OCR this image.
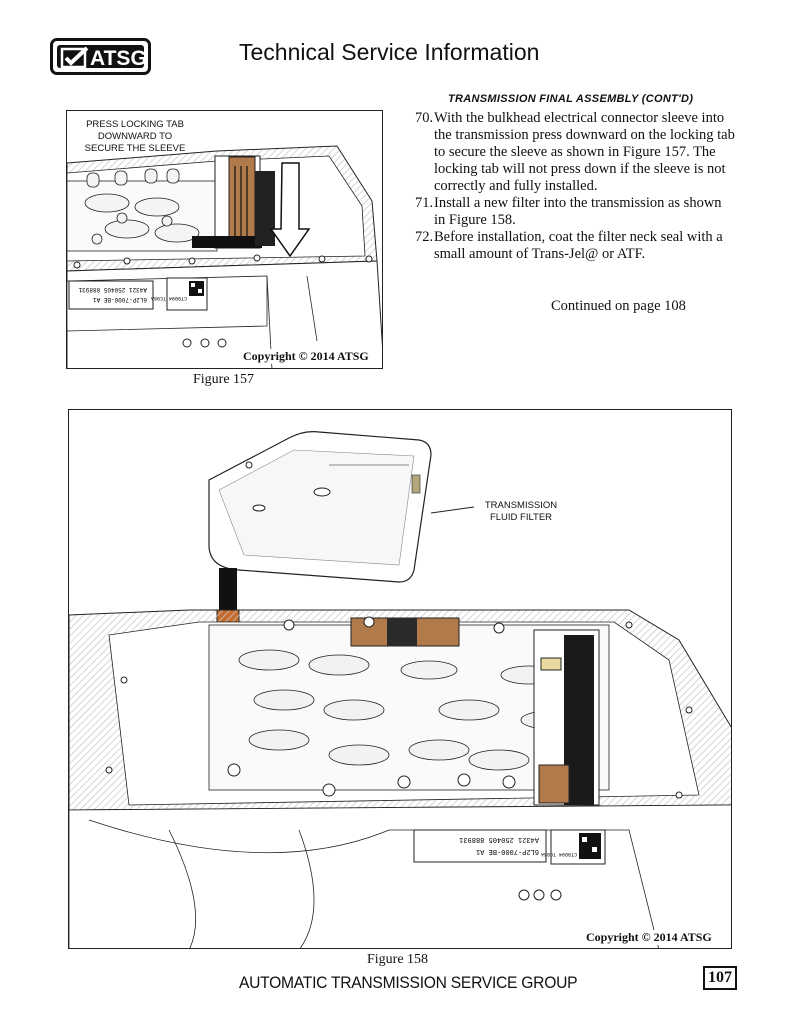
ATSG	Technical Service Information
6L2P-7000-BE A1
A4321 250405 888931
CT0094 TC06A
PRESS LOCKING TAB
DOWNWARD TO
SECURE THE SLEEVE
Copyright © 2014 ATSG
Figure 157
TRANSMISSION FINAL ASSEMBLY (CONT'D)

70. With the bulkhead electrical connector sleeve into the transmission press downward on the locking tab to secure the sleeve as shown in Figure 157. The locking tab will not press down if the sleeve is not correctly and fully installed.

71. Install a new filter into the transmission as shown in Figure 158.

72. Before installation, coat the filter neck seal with a small amount of Trans-Jel@ or ATF.

Continued on page 108
6L2P-7000-BE A1
A4321 250405 888931
CT0094 TC06A
TRANSMISSION
FLUID FILTER
Copyright © 2014 ATSG
Figure 158
AUTOMATIC TRANSMISSION SERVICE GROUP	107
